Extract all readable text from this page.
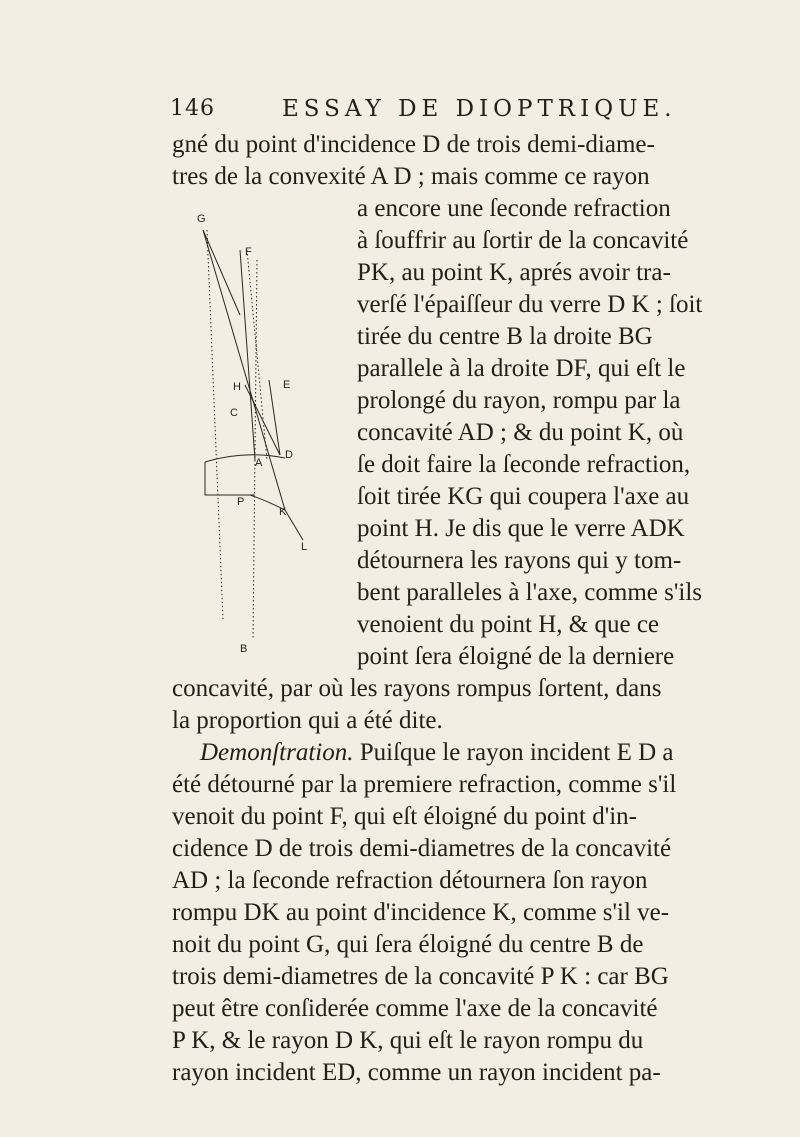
146	ESSAY DE DIOPTRIQUE.
gné du point d'incidence D de trois demi-diame-
tres de la convexité A D ; mais comme ce rayon
a encore une ſeconde refraction
à ſouffrir au ſortir de la concavité
PK, au point K, aprés avoir tra-
verſé l'épaiſſeur du verre D K ; ſoit
tirée du centre B la droite BG
parallele à la droite DF, qui eſt le
prolongé du rayon, rompu par la
concavité AD ; & du point K, où
ſe doit faire la ſeconde refraction,
ſoit tirée KG qui coupera l'axe au
point H. Je dis que le verre ADK
détournera les rayons qui y tom-
bent paralleles à l'axe, comme s'ils
venoient du point H, & que ce
point ſera éloigné de la derniere
concavité, par où les rayons rompus ſortent, dans
la proportion qui a été dite.
Demonſtration. Puiſque le rayon incident E D a
été détourné par la premiere refraction, comme s'il
venoit du point F, qui eſt éloigné du point d'in-
cidence D de trois demi-diametres de la concavité
AD ; la ſeconde refraction détournera ſon rayon
rompu DK au point d'incidence K, comme s'il ve-
noit du point G, qui ſera éloigné du centre B de
trois demi-diametres de la concavité P K : car BG
peut être conſiderée comme l'axe de la concavité
P K, & le rayon D K, qui eſt le rayon rompu du
rayon incident ED, comme un rayon incident pa-
G
F
H	E
C
A
D
P
K
L
B
